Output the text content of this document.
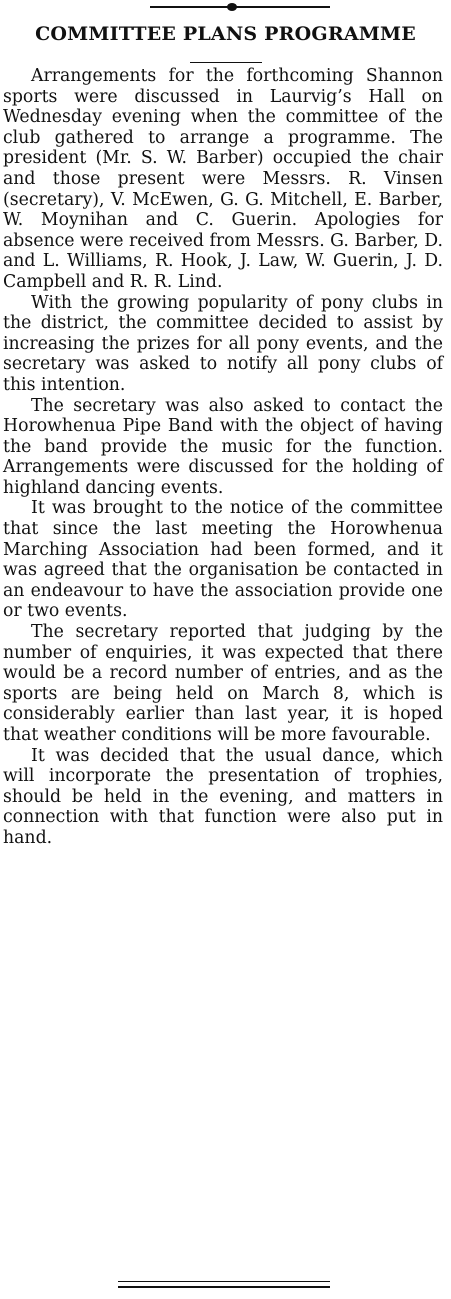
COMMITTEE PLANS PROGRAMME

Arrangements for the forthcoming Shannon sports were discussed in Laurvig’s Hall on Wednesday evening when the committee of the club gathered to arrange a programme. The president (Mr. S. W. Barber) occupied the chair and those present were Messrs. R. Vinsen (secretary), V. McEwen, G. G. Mitchell, E. Barber, W. Moynihan and C. Guerin. Apologies for absence were received from Messrs. G. Barber, D. and L. Williams, R. Hook, J. Law, W. Guerin, J. D. Campbell and R. R. Lind.

With the growing popularity of pony clubs in the district, the committee decided to assist by increasing the prizes for all pony events, and the secretary was asked to notify all pony clubs of this intention.

The secretary was also asked to contact the Horowhenua Pipe Band with the object of having the band provide the music for the function. Arrangements were discussed for the holding of highland dancing events.

It was brought to the notice of the committee that since the last meeting the Horowhenua Marching Association had been formed, and it was agreed that the organisation be contacted in an endeavour to have the association provide one or two events.

The secretary reported that judging by the number of enquiries, it was expected that there would be a record number of entries, and as the sports are being held on March 8, which is considerably earlier than last year, it is hoped that weather conditions will be more favourable.

It was decided that the usual dance, which will incorporate the presentation of trophies, should be held in the evening, and matters in connection with that function were also put in hand.
